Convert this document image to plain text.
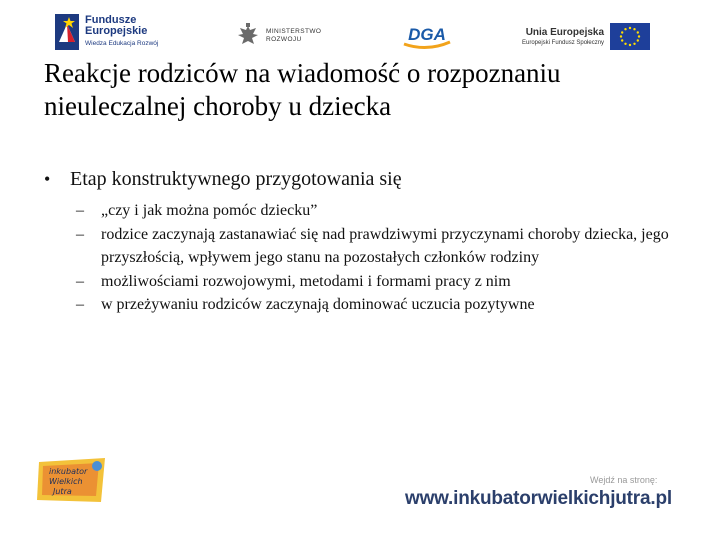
Fundusze
Europejskie
Wiedza Edukacja Rozwój
MINISTERSTWO
ROZWOJU	DGA	Unia Europejska
Europejski Fundusz Społeczny
Reakcje rodziców na wiadomość o rozpoznaniu nieuleczalnej choroby u dziecka
• Etap konstruktywnego przygotowania się
–	„czy i jak można pomóc dziecku”
–	rodzice zaczynają zastanawiać się nad prawdziwymi przyczynami choroby dziecka, jego przyszłością, wpływem jego stanu na pozostałych członków rodziny
–	możliwościami rozwojowymi, metodami i formami pracy z nim
–	w przeżywaniu rodziców zaczynają dominować uczucia pozytywne
inkubator
Wielkich
Jutra
Wejdź na stronę:
www.inkubatorwielkichjutra.pl
